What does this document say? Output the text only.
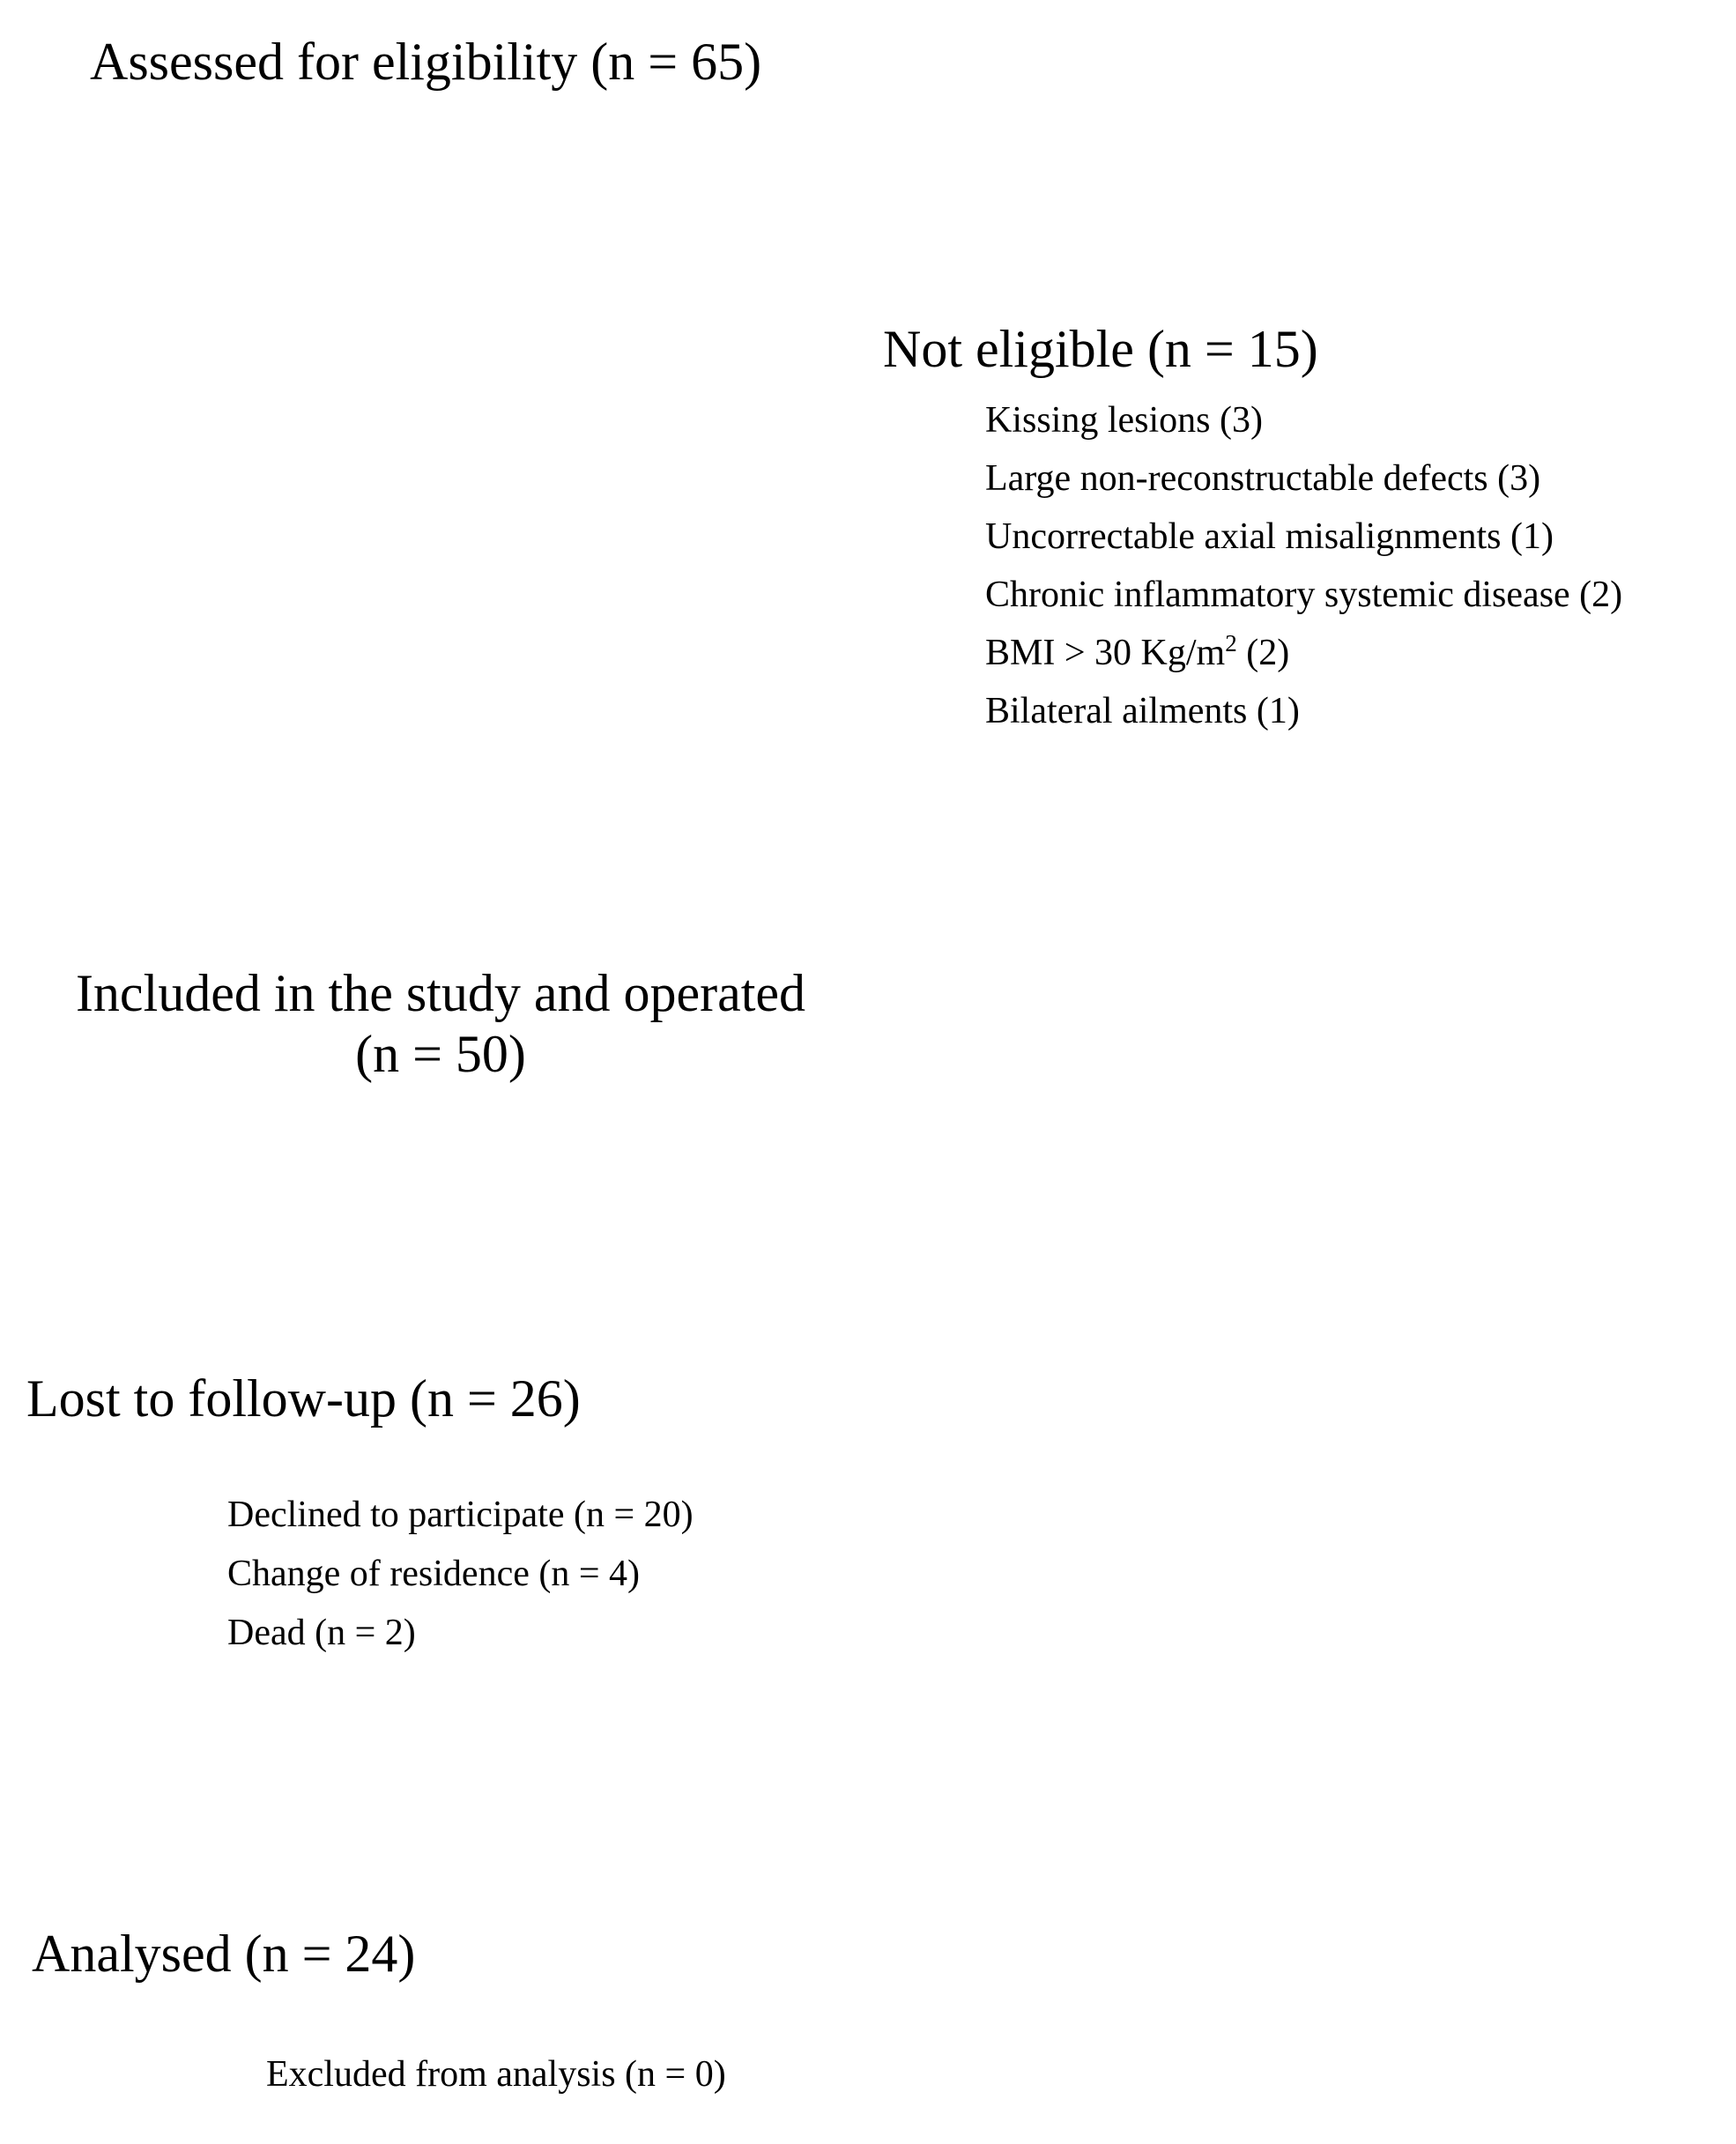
Assessed for eligibility (n = 65)
Not eligible (n = 15)
Kissing lesions (3)
Large non-reconstructable defects (3)
Uncorrectable axial misalignments (1)
Chronic inflammatory systemic disease (2)
BMI > 30 $Kg/m^2$ (2)
Bilateral ailments (1)
Included in the study and operated
(n = 50)
Lost to follow-up (n = 26)
Declined to participate (n = 20)
Change of residence (n = 4)
Dead (n = 2)
Analysed (n = 24)
Excluded from analysis (n = 0)
